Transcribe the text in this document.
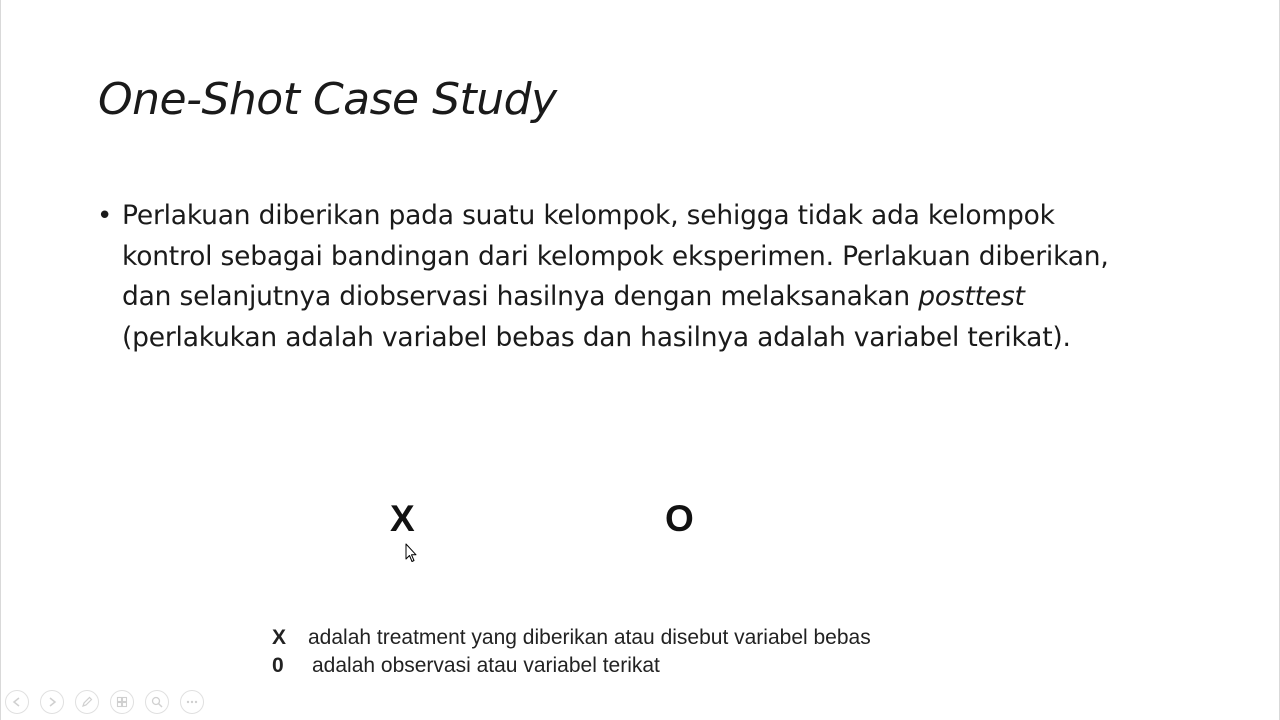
One-Shot Case Study
• Perlakuan diberikan pada suatu kelompok, sehigga tidak ada kelompok kontrol sebagai bandingan dari kelompok eksperimen. Perlakuan diberikan, dan selanjutnya diobservasi hasilnya dengan melaksanakan posttest (perlakukan adalah variabel bebas dan hasilnya adalah variabel terikat).
X	O
X adalah treatment yang diberikan atau disebut variabel bebas
0 adalah observasi atau variabel terikat
